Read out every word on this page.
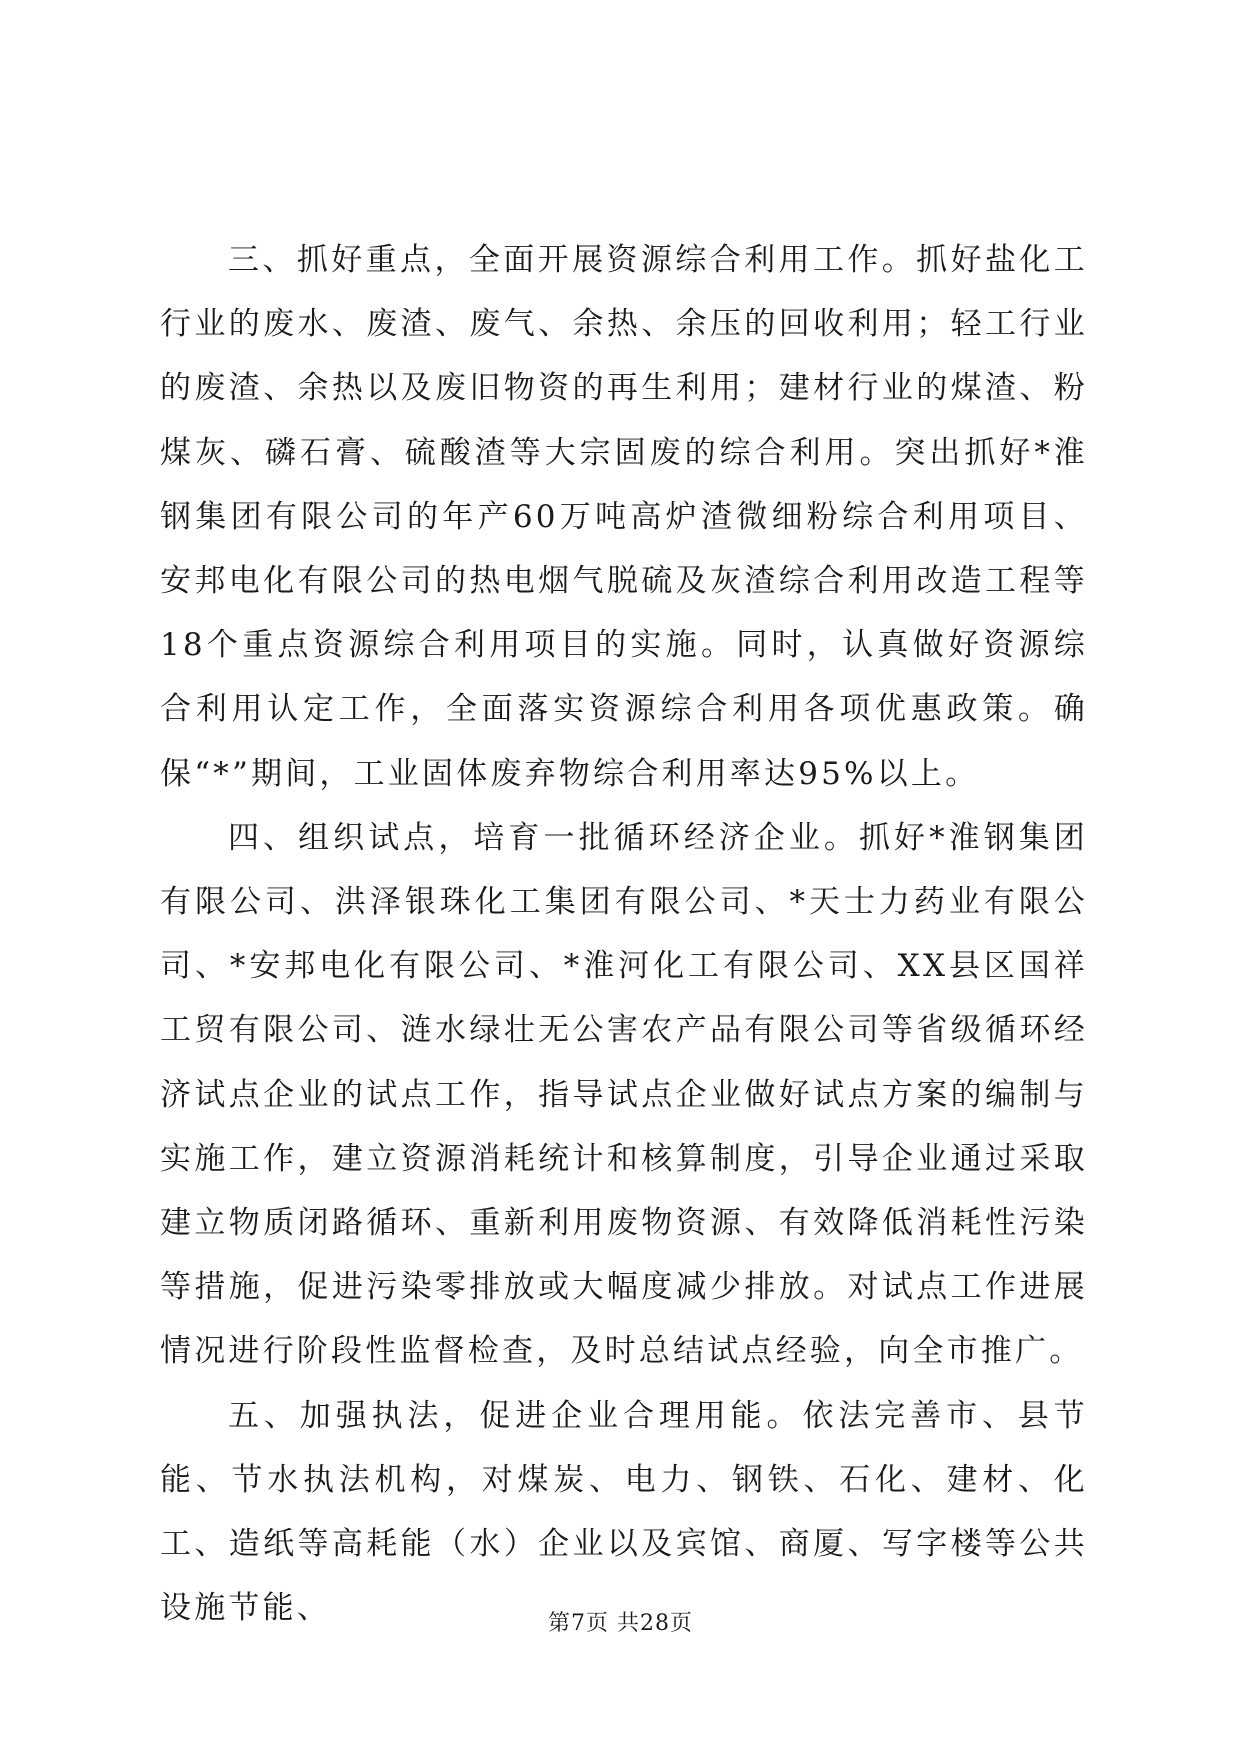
三、抓好重点，全面开展资源综合利用工作。抓好盐化工行业的废水、废渣、废气、余热、余压的回收利用；轻工行业的废渣、余热以及废旧物资的再生利用；建材行业的煤渣、粉煤灰、磷石膏、硫酸渣等大宗固废的综合利用。突出抓好*淮钢集团有限公司的年产60万吨高炉渣微细粉综合利用项目、安邦电化有限公司的热电烟气脱硫及灰渣综合利用改造工程等18个重点资源综合利用项目的实施。同时，认真做好资源综合利用认定工作，全面落实资源综合利用各项优惠政策。确保“*”期间，工业固体废弃物综合利用率达95%以上。

四、组织试点，培育一批循环经济企业。抓好*淮钢集团有限公司、洪泽银珠化工集团有限公司、*天士力药业有限公司、*安邦电化有限公司、*淮河化工有限公司、XX县区国祥工贸有限公司、涟水绿壮无公害农产品有限公司等省级循环经济试点企业的试点工作，指导试点企业做好试点方案的编制与实施工作，建立资源消耗统计和核算制度，引导企业通过采取建立物质闭路循环、重新利用废物资源、有效降低消耗性污染等措施，促进污染零排放或大幅度减少排放。对试点工作进展情况进行阶段性监督检查，及时总结试点经验，向全市推广。

五、加强执法，促进企业合理用能。依法完善市、县节能、节水执法机构，对煤炭、电力、钢铁、石化、建材、化工、造纸等高耗能（水）企业以及宾馆、商厦、写字楼等公共设施节能、	第7页 共28页
